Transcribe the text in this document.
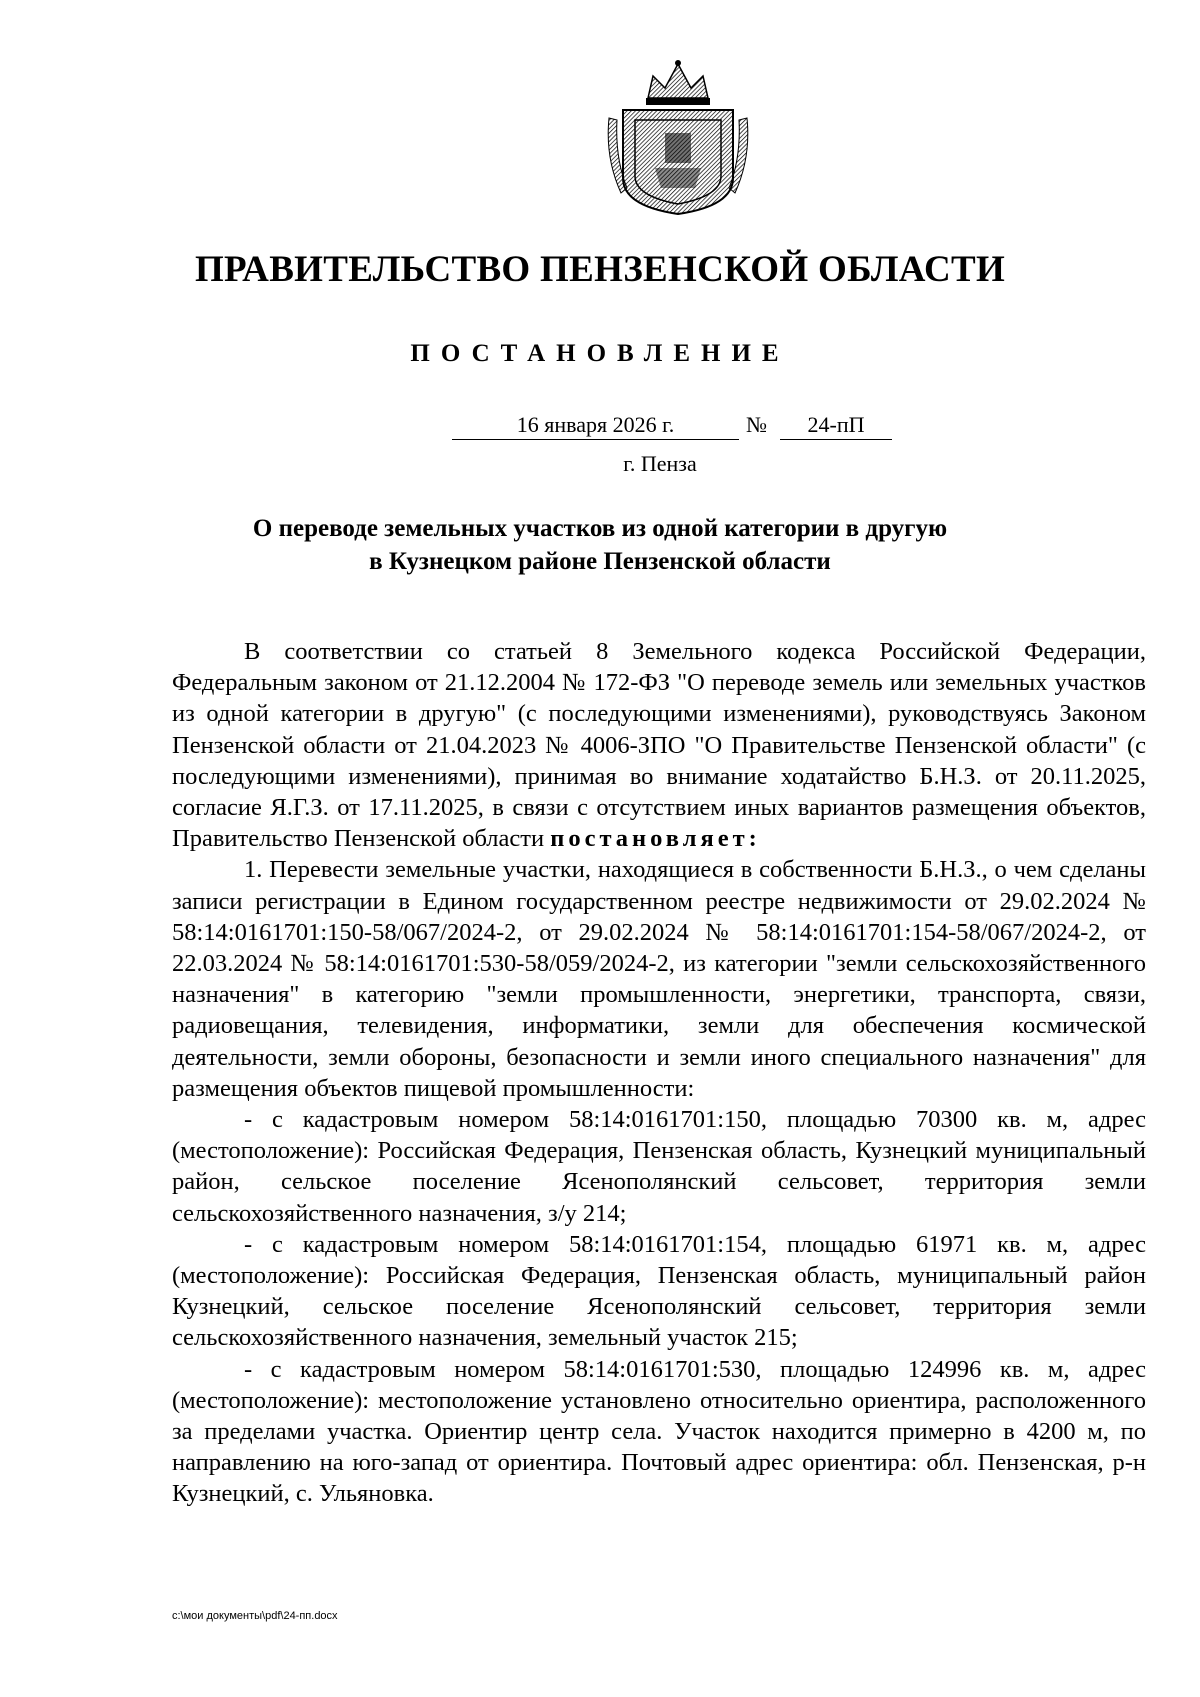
ПРАВИТЕЛЬСТВО ПЕНЗЕНСКОЙ ОБЛАСТИ
ПОСТАНОВЛЕНИЕ
16 января 2026 г.	№	24-пП
г. Пенза
О переводе земельных участков из одной категории в другую
в Кузнецком районе Пензенской области

В соответствии со статьей 8 Земельного кодекса Российской Федерации, Федеральным законом от 21.12.2004 № 172-ФЗ "О переводе земель или земельных участков из одной категории в другую" (с последующими изменениями), руководствуясь Законом Пензенской области от 21.04.2023 № 4006-ЗПО "О Правительстве Пензенской области" (с последующими изменениями), принимая во внимание ходатайство Б.Н.З. от 20.11.2025, согласие Я.Г.З. от 17.11.2025, в связи с отсутствием иных вариантов размещения объектов, Правительство Пензенской области постановляет:

1. Перевести земельные участки, находящиеся в собственности Б.Н.З., о чем сделаны записи регистрации в Едином государственном реестре недвижимости от 29.02.2024 № 58:14:0161701:150-58/067/2024-2, от 29.02.2024 № 58:14:0161701:154-58/067/2024-2, от 22.03.2024 № 58:14:0161701:530-58/059/2024-2, из категории "земли сельскохозяйственного назначения" в категорию "земли промышленности, энергетики, транспорта, связи, радиовещания, телевидения, информатики, земли для обеспечения космической деятельности, земли обороны, безопасности и земли иного специального назначения" для размещения объектов пищевой промышленности:

- с кадастровым номером 58:14:0161701:150, площадью 70300 кв. м, адрес (местоположение): Российская Федерация, Пензенская область, Кузнецкий муниципальный район, сельское поселение Ясенополянский сельсовет, территория земли сельскохозяйственного назначения, з/у 214;

- с кадастровым номером 58:14:0161701:154, площадью 61971 кв. м, адрес (местоположение): Российская Федерация, Пензенская область, муниципальный район Кузнецкий, сельское поселение Ясенополянский сельсовет, территория земли сельскохозяйственного назначения, земельный участок 215;

- с кадастровым номером 58:14:0161701:530, площадью 124996 кв. м, адрес (местоположение): местоположение установлено относительно ориентира, расположенного за пределами участка. Ориентир центр села. Участок находится примерно в 4200 м, по направлению на юго-запад от ориентира. Почтовый адрес ориентира: обл. Пензенская, р-н Кузнецкий, с. Ульяновка.

c:\мои документы\pdf\24-пп.docx
